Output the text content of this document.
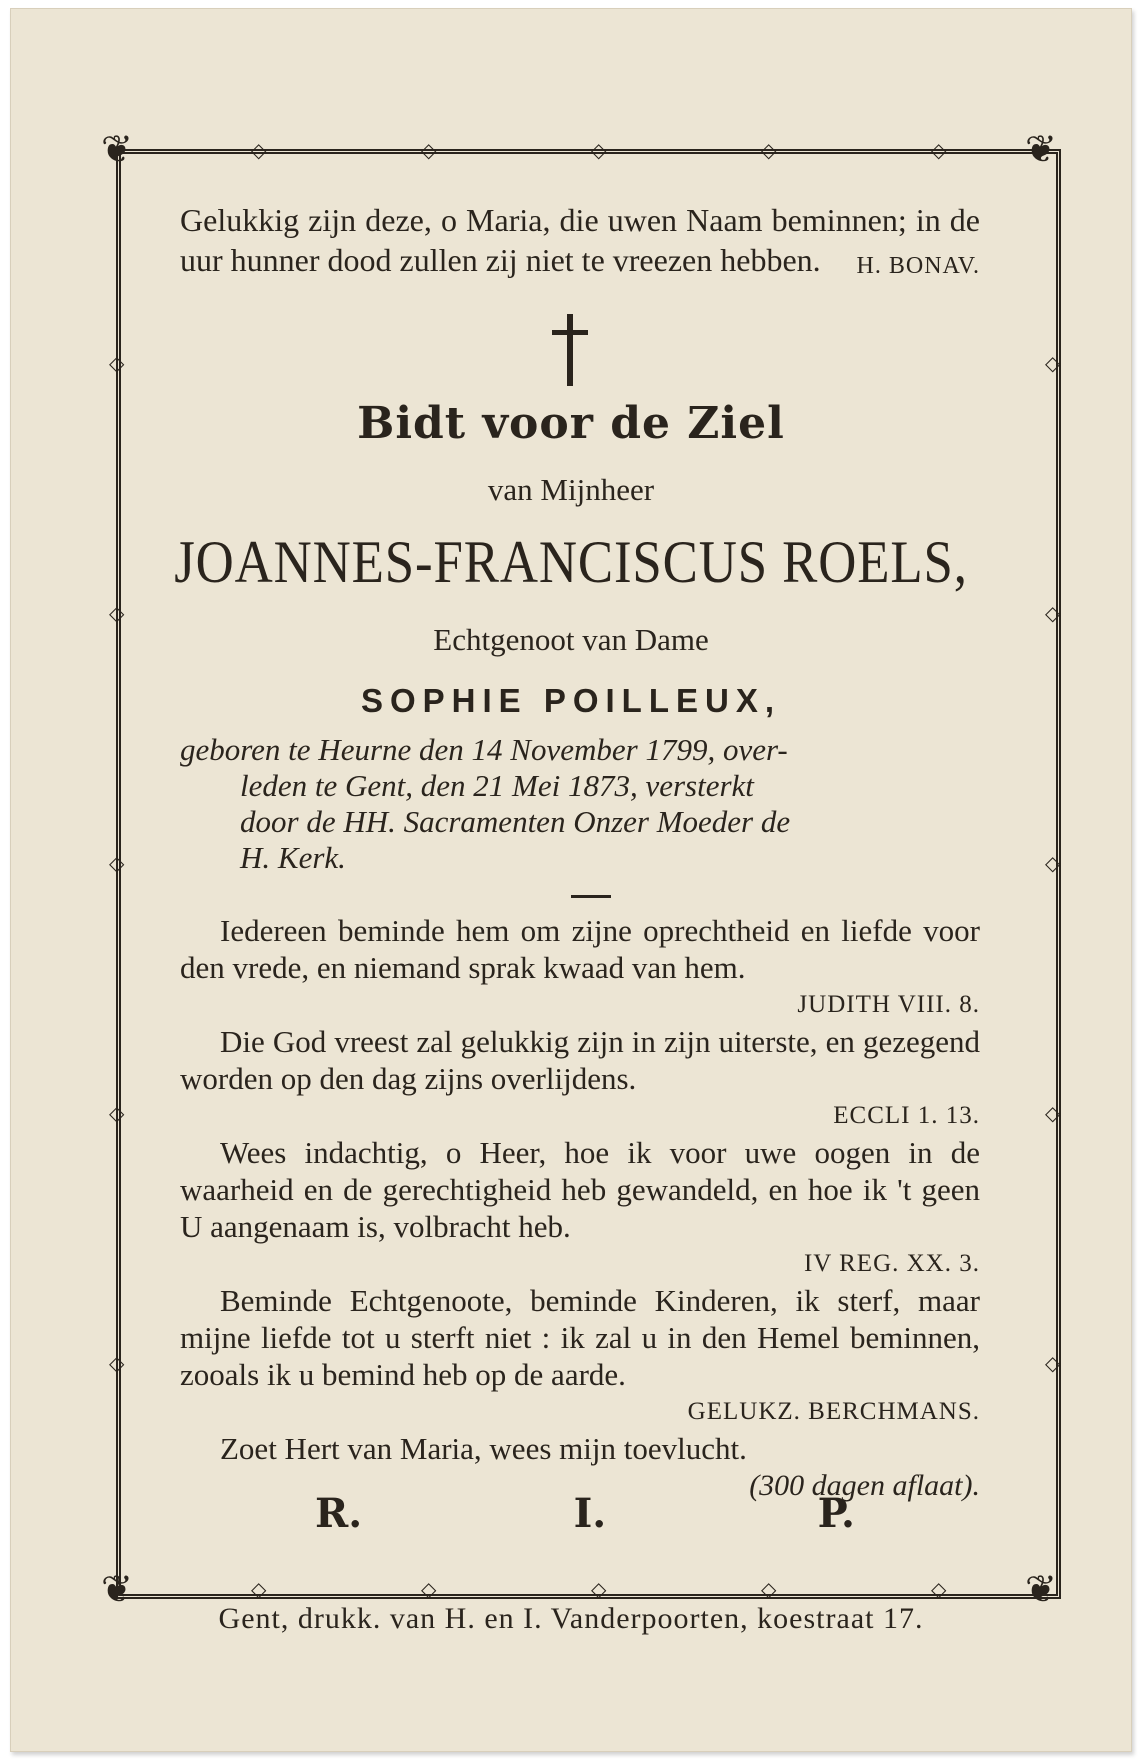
◇	◇	◇	◇	◇
◇	◇	◇	◇	◇
◇
◇
◇
◇
◇
◇
◇
◇
◇
◇
❦	❦
❦	❦
Gelukkig zijn deze, o Maria, die uwen Naam beminnen; in de uur hunner dood zullen zij niet te vreezen hebben. H. BONAV.
Bidt voor de Ziel
van Mijnheer
JOANNES-FRANCISCUS ROELS,
Echtgenoot van Dame
SOPHIE POILLEUX,
geboren te Heurne den 14 November 1799, over-
leden te Gent, den 21 Mei 1873, versterkt
door de HH. Sacramenten Onzer Moeder de
H. Kerk.

Iedereen beminde hem om zijne oprechtheid en liefde voor den vrede, en niemand sprak kwaad van hem.
JUDITH VIII. 8.

Die God vreest zal gelukkig zijn in zijn uiterste, en gezegend worden op den dag zijns overlijdens.
ECCLI 1. 13.

Wees indachtig, o Heer, hoe ik voor uwe oogen in de waarheid en de gerechtigheid heb gewandeld, en hoe ik 't geen U aangenaam is, volbracht heb.
IV REG. XX. 3.

Beminde Echtgenoote, beminde Kinderen, ik sterf, maar mijne liefde tot u sterft niet : ik zal u in den Hemel beminnen, zooals ik u bemind heb op de aarde.
GELUKZ. BERCHMANS.

Zoet Hert van Maria, wees mijn toevlucht.

(300 dagen aflaat).
R.	I.	P.
Gent, drukk. van H. en I. Vanderpoorten, koestraat 17.
